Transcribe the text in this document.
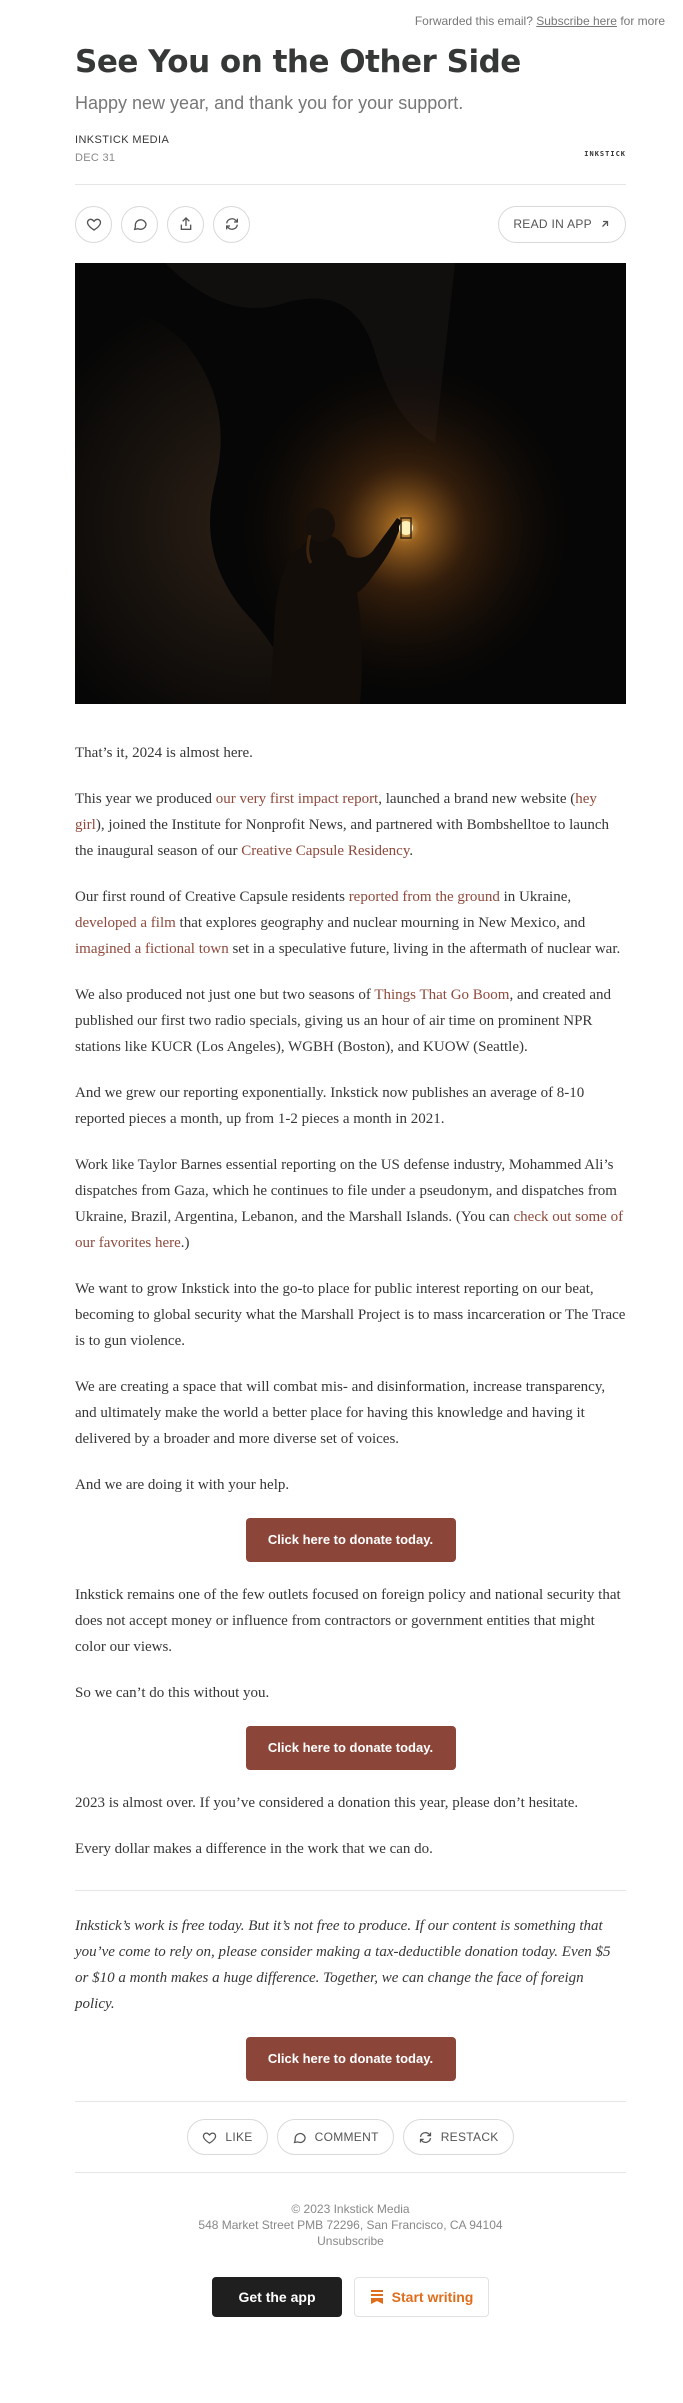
Forwarded this email? Subscribe here for more
See You on the Other Side
Happy new year, and thank you for your support.
INKSTICK MEDIA
DEC 31	INKSTICK
READ IN APP

That’s it, 2024 is almost here.

This year we produced our very first impact report, launched a brand new website (hey girl), joined the Institute for Nonprofit News, and partnered with Bombshelltoe to launch the inaugural season of our Creative Capsule Residency.

Our first round of Creative Capsule residents reported from the ground in Ukraine, developed a film that explores geography and nuclear mourning in New Mexico, and imagined a fictional town set in a speculative future, living in the aftermath of nuclear war.

We also produced not just one but two seasons of Things That Go Boom, and created and published our first two radio specials, giving us an hour of air time on prominent NPR stations like KUCR (Los Angeles), WGBH (Boston), and KUOW (Seattle).

And we grew our reporting exponentially. Inkstick now publishes an average of 8-10 reported pieces a month, up from 1-2 pieces a month in 2021.

Work like Taylor Barnes essential reporting on the US defense industry, Mohammed Ali’s dispatches from Gaza, which he continues to file under a pseudonym, and dispatches from Ukraine, Brazil, Argentina, Lebanon, and the Marshall Islands. (You can check out some of our favorites here.)

We want to grow Inkstick into the go-to place for public interest reporting on our beat, becoming to global security what the Marshall Project is to mass incarceration or The Trace is to gun violence.

We are creating a space that will combat mis- and disinformation, increase transparency, and ultimately make the world a better place for having this knowledge and having it delivered by a broader and more diverse set of voices.

And we are doing it with your help.

Click here to donate today.

Inkstick remains one of the few outlets focused on foreign policy and national security that does not accept money or influence from contractors or government entities that might color our views.

So we can’t do this without you.

Click here to donate today.

2023 is almost over. If you’ve considered a donation this year, please don’t hesitate.

Every dollar makes a difference in the work that we can do.

Inkstick’s work is free today. But it’s not free to produce. If our content is something that you’ve come to rely on, please consider making a tax-deductible donation today. Even $5 or $10 a month makes a huge difference. Together, we can change the face of foreign policy.

Click here to donate today.
LIKE	COMMENT	RESTACK
© 2023 Inkstick Media
548 Market Street PMB 72296, San Francisco, CA 94104
Unsubscribe
Get the app	Start writing
